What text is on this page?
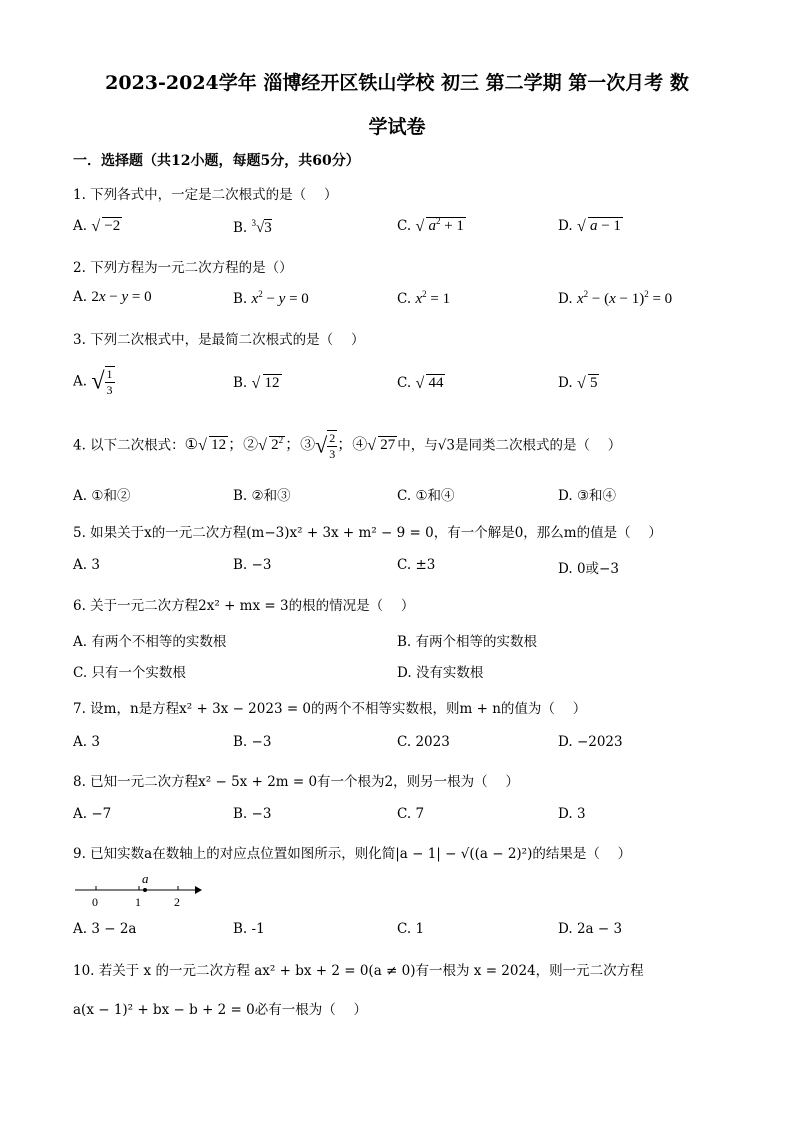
2023-2024学年 淄博经开区铁山学校 初三 第二学期 第一次月考 数
学试卷
一．选择题（共12小题，每题5分，共60分）
1. 下列各式中，一定是二次根式的是（　 ）
A. √ −2	B. $^3$√3	C. √ $a^2 + 1$	D. √ a − 1
2. 下列方程为一元二次方程的是（）
A. 2x − y = 0	B. $x^2 - y = 0$	C. $x^2 = 1$	D. $x^2 - (x - 1)^2 = 0$
3. 下列二次根式中，是最简二次根式的是（　 ）
A. √ $\frac{1}{3}$	B. √ 12	C. √ 44	D. √ 5
4. 以下二次根式：① √ 12 ；② √ $2^2$ ；③√ $\frac{2}{3}$ ；④ √ 27 中，与√3是同类二次根式的是（　 ）
A. ①和②	B. ②和③	C. ①和④	D. ③和④
5. 如果关于x的一元二次方程(m−3)x² + 3x + m² − 9 = 0，有一个解是0，那么m的值是（　 ）
A. 3	B. −3	C. ±3	D. 0或−3
6. 关于一元二次方程2x² + mx = 3的根的情况是（　 ）
A. 有两个不相等的实数根	B. 有两个相等的实数根
C. 只有一个实数根	D. 没有实数根
7. 设m，n是方程x² + 3x − 2023 = 0的两个不相等实数根，则m + n的值为（　 ）
A. 3	B. −3	C. 2023	D. −2023
8. 已知一元二次方程x² − 5x + 2m = 0有一个根为2，则另一根为（　 ）
A. −7	B. −3	C. 7	D. 3
9. 已知实数a在数轴上的对应点位置如图所示，则化简|a − 1| − √((a − 2)²)的结果是（　 ）
0	1	2
a
A. 3 − 2a	B. -1	C. 1	D. 2a − 3
10. 若关于 x 的一元二次方程 ax² + bx + 2 = 0(a ≠ 0)有一根为 x = 2024，则一元二次方程
a(x − 1)² + bx − b + 2 = 0必有一根为（　 ）
